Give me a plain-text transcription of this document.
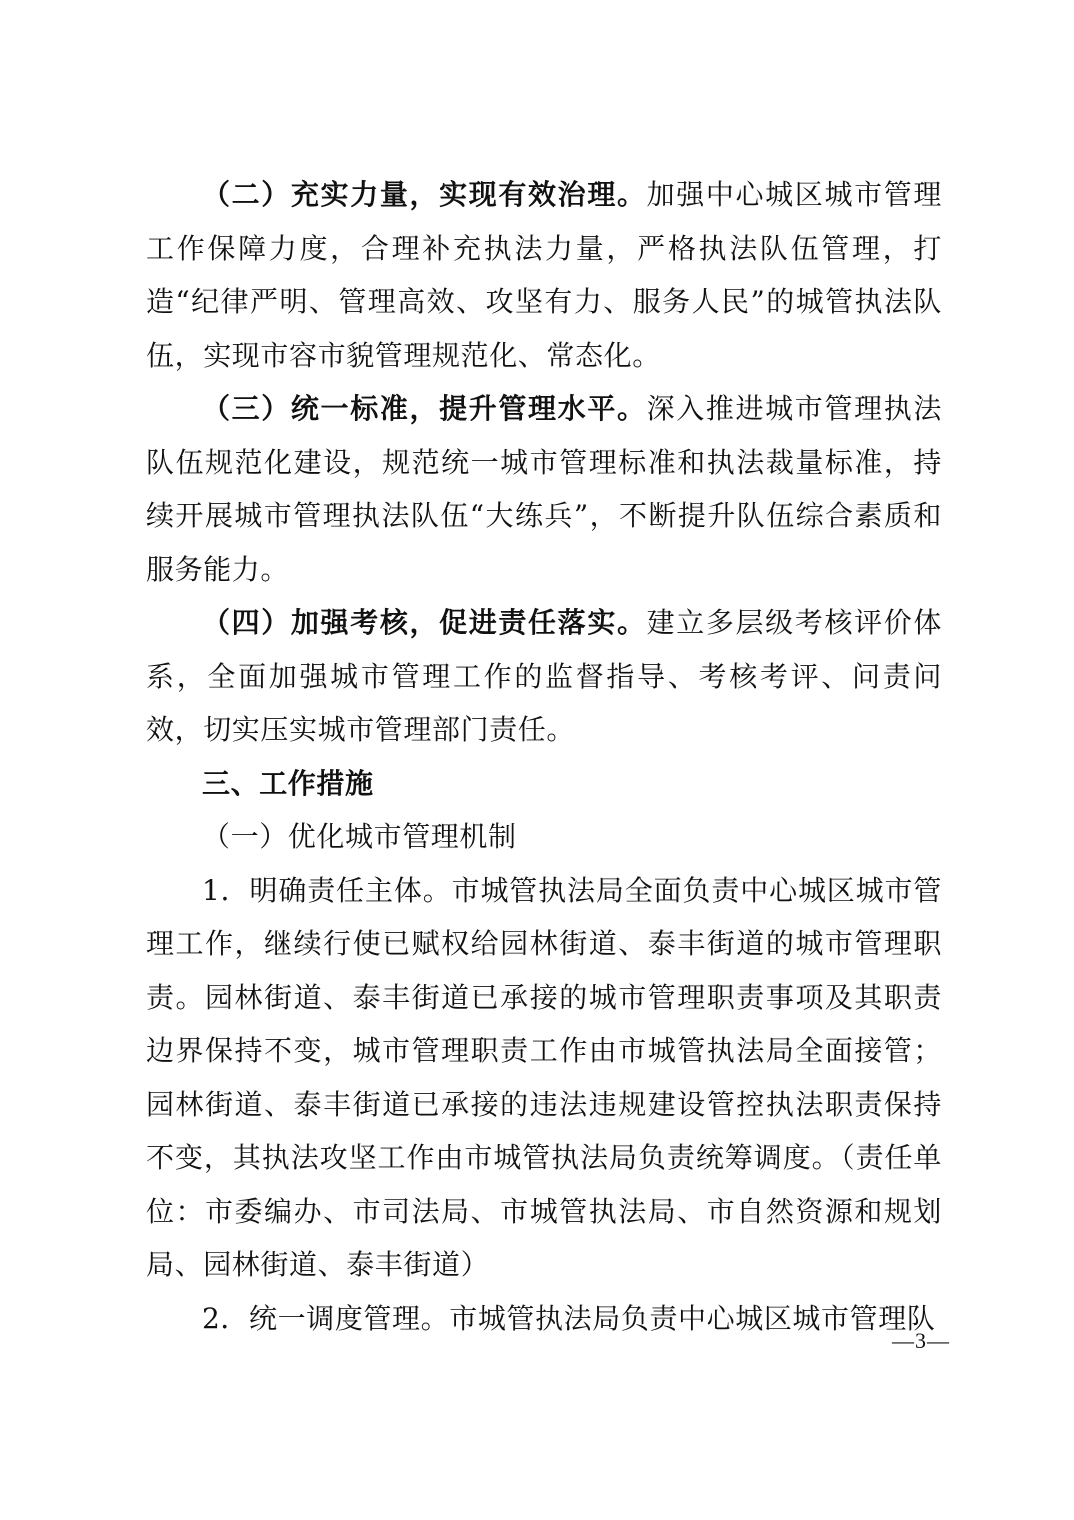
（二）充实力量，实现有效治理。加强中心城区城市管理工作保障力度，合理补充执法力量，严格执法队伍管理，打造“纪律严明、管理高效、攻坚有力、服务人民”的城管执法队伍，实现市容市貌管理规范化、常态化。

（三）统一标准，提升管理水平。深入推进城市管理执法队伍规范化建设，规范统一城市管理标准和执法裁量标准，持续开展城市管理执法队伍“大练兵”，不断提升队伍综合素质和服务能力。

（四）加强考核，促进责任落实。建立多层级考核评价体系，全面加强城市管理工作的监督指导、考核考评、问责问效，切实压实城市管理部门责任。

三、工作措施

（一）优化城市管理机制

1．明确责任主体。市城管执法局全面负责中心城区城市管理工作，继续行使已赋权给园林街道、泰丰街道的城市管理职责。园林街道、泰丰街道已承接的城市管理职责事项及其职责边界保持不变，城市管理职责工作由市城管执法局全面接管；园林街道、泰丰街道已承接的违法违规建设管控执法职责保持不变，其执法攻坚工作由市城管执法局负责统筹调度。（责任单位：市委编办、市司法局、市城管执法局、市自然资源和规划局、园林街道、泰丰街道）

2．统一调度管理。市城管执法局负责中心城区城市管理队

—3—
